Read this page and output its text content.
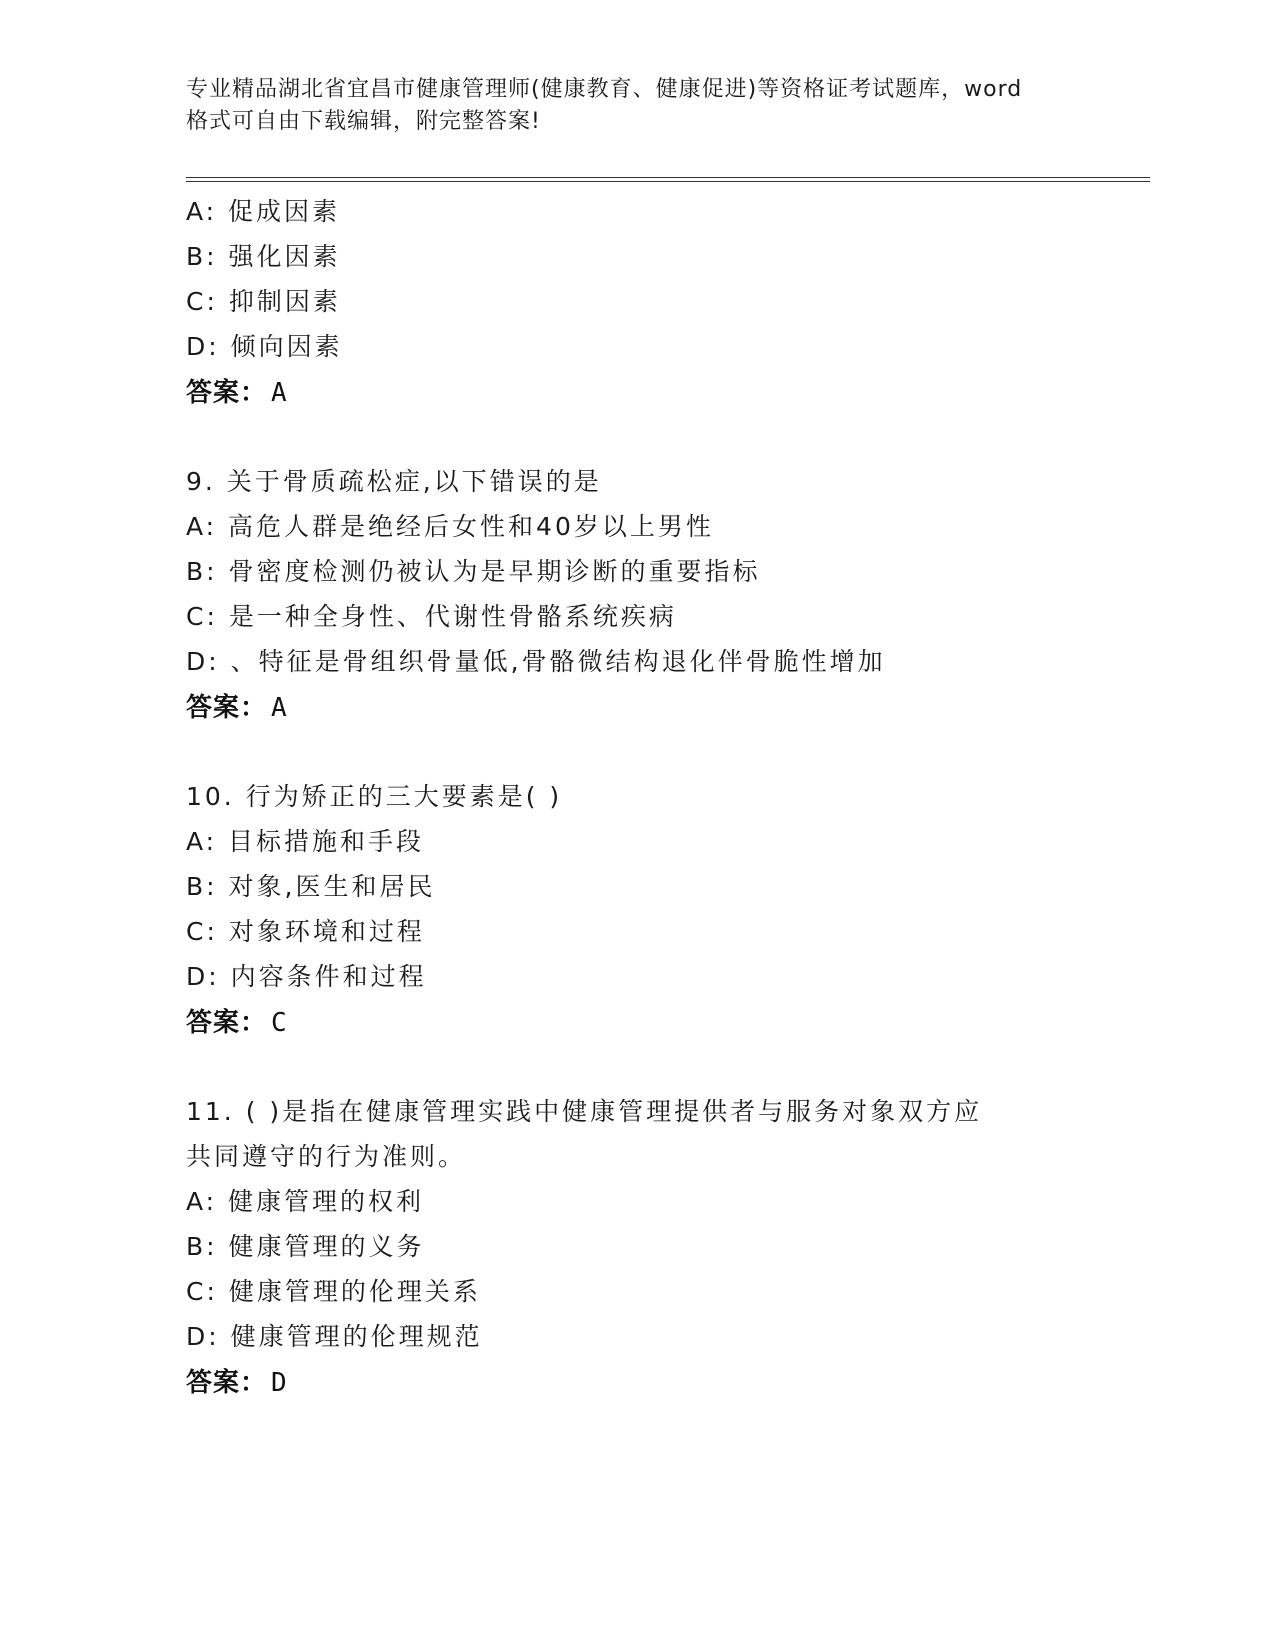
专业精品湖北省宜昌市健康管理师(健康教育、健康促进)等资格证考试题库，word
格式可自由下载编辑，附完整答案!
A: 促成因素
B: 强化因素
C: 抑制因素
D: 倾向因素
答案： A
9. 关于骨质疏松症,以下错误的是
A: 高危人群是绝经后女性和40岁以上男性
B: 骨密度检测仍被认为是早期诊断的重要指标
C: 是一种全身性、代谢性骨骼系统疾病
D: 、特征是骨组织骨量低,骨骼微结构退化伴骨脆性增加
答案： A
10. 行为矫正的三大要素是( )
A: 目标措施和手段
B: 对象,医生和居民
C: 对象环境和过程
D: 内容条件和过程
答案： C
11. ( )是指在健康管理实践中健康管理提供者与服务对象双方应
共同遵守的行为准则。
A: 健康管理的权利
B: 健康管理的义务
C: 健康管理的伦理关系
D: 健康管理的伦理规范
答案： D
